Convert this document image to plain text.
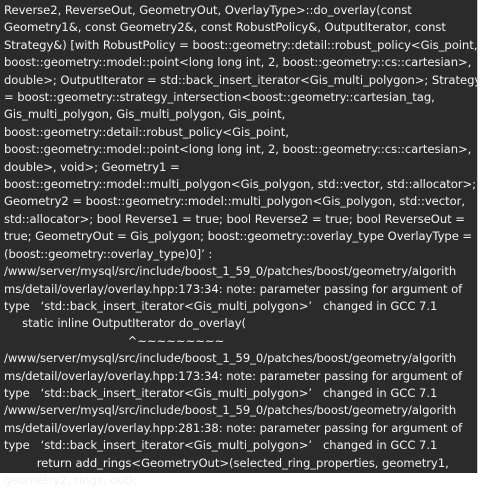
Reverse2, ReverseOut, GeometryOut, OverlayType>::do_overlay(const
Geometry1&, const Geometry2&, const RobustPolicy&, OutputIterator, const
Strategy&) [with RobustPolicy = boost::geometry::detail::robust_policy<Gis_point,
boost::geometry::model::point<long long int, 2, boost::geometry::cs::cartesian>,
double>; OutputIterator = std::back_insert_iterator<Gis_multi_polygon>; Strategy
= boost::geometry::strategy_intersection<boost::geometry::cartesian_tag,
Gis_multi_polygon, Gis_multi_polygon, Gis_point,
boost::geometry::detail::robust_policy<Gis_point,
boost::geometry::model::point<long long int, 2, boost::geometry::cs::cartesian>,
double>, void>; Geometry1 =
boost::geometry::model::multi_polygon<Gis_polygon, std::vector, std::allocator>;
Geometry2 = boost::geometry::model::multi_polygon<Gis_polygon, std::vector,
std::allocator>; bool Reverse1 = true; bool Reverse2 = true; bool ReverseOut =
true; GeometryOut = Gis_polygon; boost::geometry::overlay_type OverlayType =
(boost::geometry::overlay_type)0]’ :
/www/server/mysql/src/include/boost_1_59_0/patches/boost/geometry/algorith
ms/detail/overlay/overlay.hpp:173:34: note: parameter passing for argument of
type   ‘std::back_insert_iterator<Gis_multi_polygon>’   changed in GCC 7.1
static inline OutputIterator do_overlay(
^~~~~~~~~~
/www/server/mysql/src/include/boost_1_59_0/patches/boost/geometry/algorith
ms/detail/overlay/overlay.hpp:173:34: note: parameter passing for argument of
type   ‘std::back_insert_iterator<Gis_multi_polygon>’   changed in GCC 7.1
/www/server/mysql/src/include/boost_1_59_0/patches/boost/geometry/algorith
ms/detail/overlay/overlay.hpp:281:38: note: parameter passing for argument of
type   ‘std::back_insert_iterator<Gis_multi_polygon>’   changed in GCC 7.1
return add_rings<GeometryOut>(selected_ring_properties, geometry1,
geometry2, rings, out);
